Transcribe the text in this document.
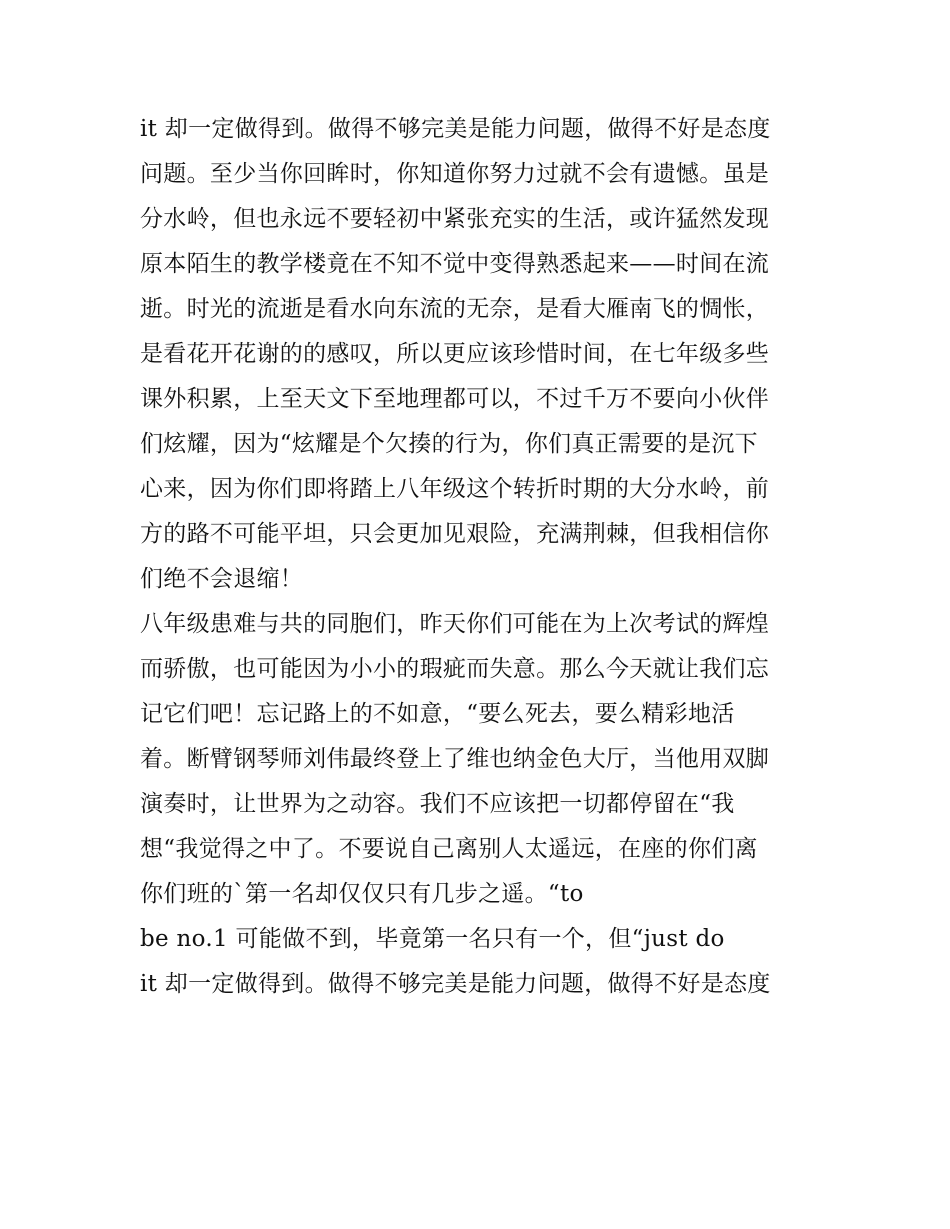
it 却一定做得到。做得不够完美是能力问题，做得不好是态度
问题。至少当你回眸时，你知道你努力过就不会有遗憾。虽是
分水岭，但也永远不要轻初中紧张充实的生活，或许猛然发现
原本陌生的教学楼竟在不知不觉中变得熟悉起来——时间在流
逝。时光的流逝是看水向东流的无奈，是看大雁南飞的惆怅，
是看花开花谢的的感叹，所以更应该珍惜时间，在七年级多些
课外积累，上至天文下至地理都可以，不过千万不要向小伙伴
们炫耀，因为“炫耀是个欠揍的行为，你们真正需要的是沉下
心来，因为你们即将踏上八年级这个转折时期的大分水岭，前
方的路不可能平坦，只会更加见艰险，充满荆棘，但我相信你
们绝不会退缩！
八年级患难与共的同胞们，昨天你们可能在为上次考试的辉煌
而骄傲，也可能因为小小的瑕疵而失意。那么今天就让我们忘
记它们吧！忘记路上的不如意，“要么死去，要么精彩地活
着。断臂钢琴师刘伟最终登上了维也纳金色大厅，当他用双脚
演奏时，让世界为之动容。我们不应该把一切都停留在“我
想“我觉得之中了。不要说自己离别人太遥远，在座的你们离
你们班的`第一名却仅仅只有几步之遥。“to
be no.1 可能做不到，毕竟第一名只有一个，但“just do
it 却一定做得到。做得不够完美是能力问题，做得不好是态度
